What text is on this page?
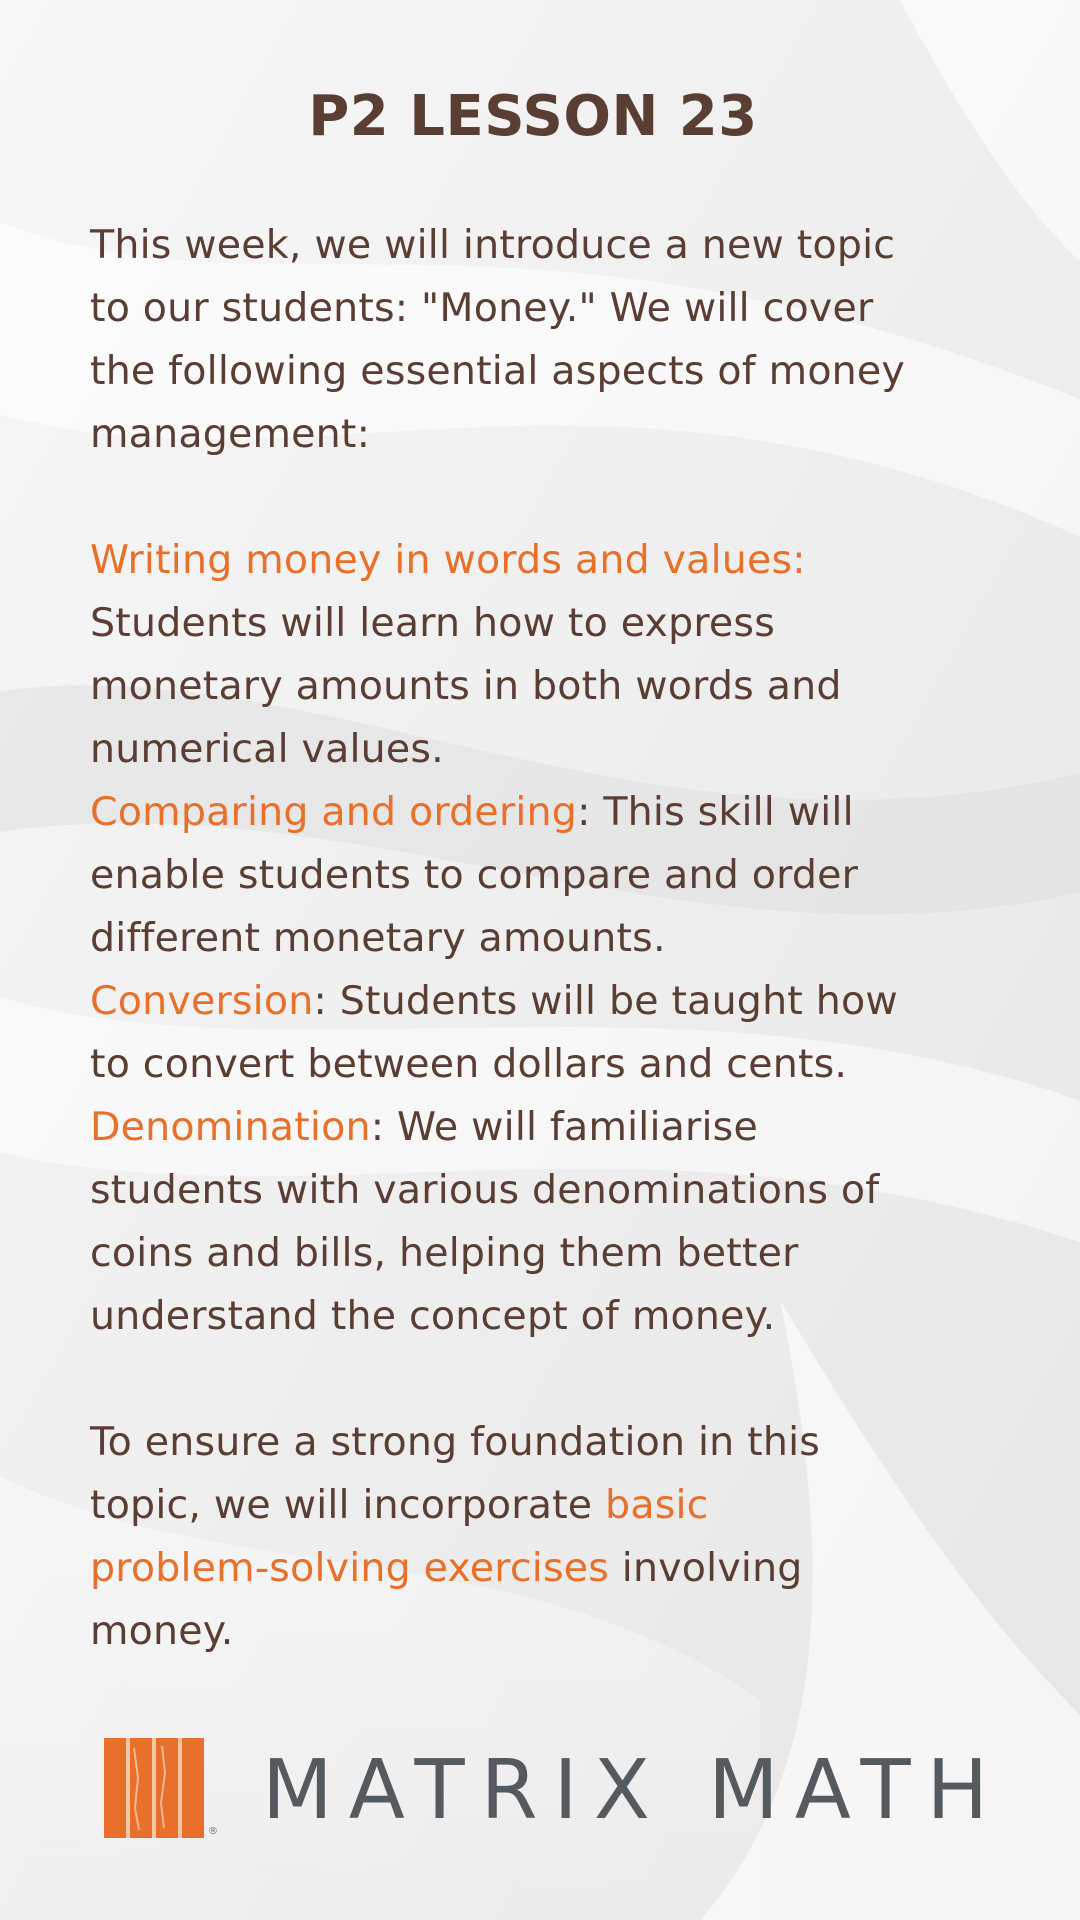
P2 LESSON 23
This week, we will introduce a new topic
to our students: "Money." We will cover
the following essential aspects of money
management:
Writing money in words and values:
Students will learn how to express
monetary amounts in both words and
numerical values.
Comparing and ordering: This skill will
enable students to compare and order
different monetary amounts.
Conversion: Students will be taught how
to convert between dollars and cents.
Denomination: We will familiarise
students with various denominations of
coins and bills, helping them better
understand the concept of money.
To ensure a strong foundation in this
topic, we will incorporate basic
problem-solving exercises involving
money.
® MATRIX MATH
